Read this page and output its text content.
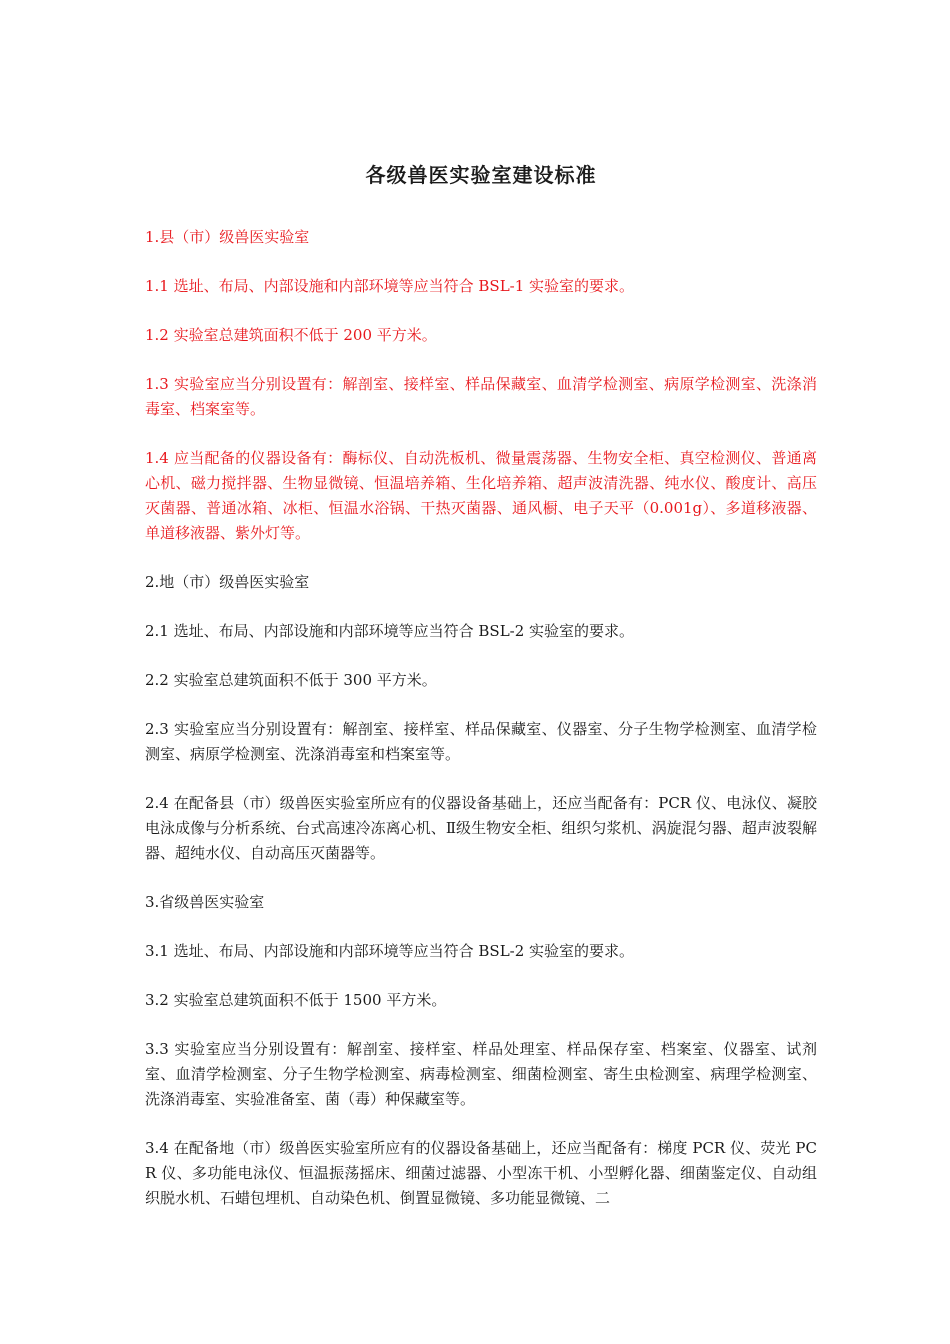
各级兽医实验室建设标准

1.县（市）级兽医实验室

1.1 选址、布局、内部设施和内部环境等应当符合 BSL-1 实验室的要求。

1.2 实验室总建筑面积不低于 200 平方米。

1.3 实验室应当分别设置有：解剖室、接样室、样品保藏室、血清学检测室、病原学检测室、洗涤消毒室、档案室等。

1.4 应当配备的仪器设备有：酶标仪、自动洗板机、微量震荡器、生物安全柜、真空检测仪、普通离心机、磁力搅拌器、生物显微镜、恒温培养箱、生化培养箱、超声波清洗器、纯水仪、酸度计、高压灭菌器、普通冰箱、冰柜、恒温水浴锅、干热灭菌器、通风橱、电子天平（0.001g）、多道移液器、单道移液器、紫外灯等。

2.地（市）级兽医实验室

2.1 选址、布局、内部设施和内部环境等应当符合 BSL-2 实验室的要求。

2.2 实验室总建筑面积不低于 300 平方米。

2.3 实验室应当分别设置有：解剖室、接样室、样品保藏室、仪器室、分子生物学检测室、血清学检测室、病原学检测室、洗涤消毒室和档案室等。

2.4 在配备县（市）级兽医实验室所应有的仪器设备基础上，还应当配备有：PCR 仪、电泳仪、凝胶电泳成像与分析系统、台式高速冷冻离心机、Ⅱ级生物安全柜、组织匀浆机、涡旋混匀器、超声波裂解器、超纯水仪、自动高压灭菌器等。

3.省级兽医实验室

3.1 选址、布局、内部设施和内部环境等应当符合 BSL-2 实验室的要求。

3.2 实验室总建筑面积不低于 1500 平方米。

3.3 实验室应当分别设置有：解剖室、接样室、样品处理室、样品保存室、档案室、仪器室、试剂室、血清学检测室、分子生物学检测室、病毒检测室、细菌检测室、寄生虫检测室、病理学检测室、洗涤消毒室、实验准备室、菌（毒）种保藏室等。

3.4 在配备地（市）级兽医实验室所应有的仪器设备基础上，还应当配备有：梯度 PCR 仪、荧光 PCR 仪、多功能电泳仪、恒温振荡摇床、细菌过滤器、小型冻干机、小型孵化器、细菌鉴定仪、自动组织脱水机、石蜡包埋机、自动染色机、倒置显微镜、多功能显微镜、二
